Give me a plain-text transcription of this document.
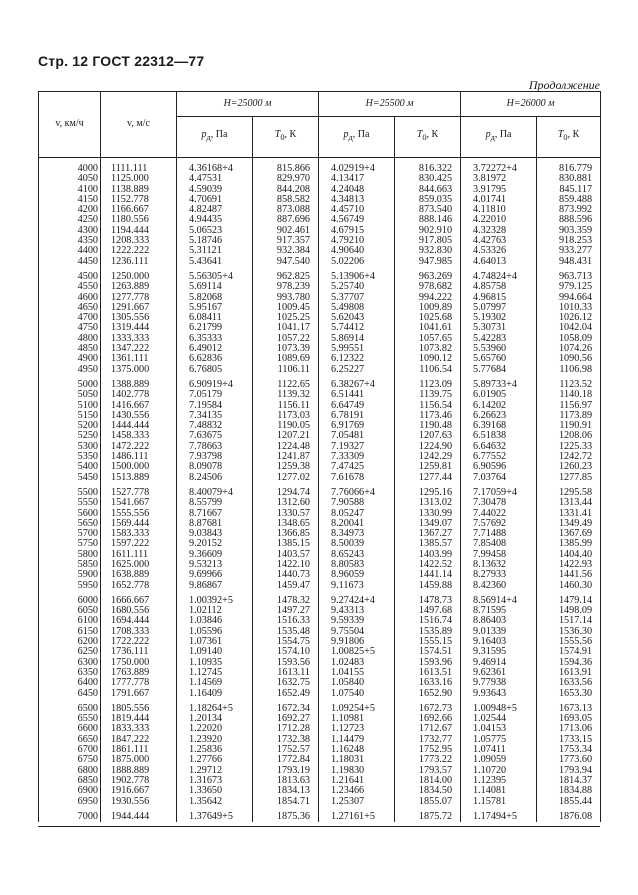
Стр. 12 ГОСТ 22312—77
Продолжение
v, км/ч	v, м/с	H=25000 м		H=25500 м		H=26000 м	
		$p_д$, Па	$T_0$, К	$p_д$, Па	$T_0$, К	$p_д$, Па	$T_0$, К
4000	1111.111	4.36168+4	815.866	4.02919+4	816.322	3.72272+4	816.779
4050	1125.000	4.47531	829.970	4.13417	830.425	3.81972	830.881
4100	1138.889	4.59039	844.208	4.24048	844.663	3.91795	845.117
4150	1152.778	4.70691	858.582	4.34813	859.035	4.01741	859.488
4200	1166.667	4.82487	873.088	4.45710	873.540	4.11810	873.992
4250	1180.556	4.94435	887.696	4.56749	888.146	4.22010	888.596
4300	1194.444	5.06523	902.461	4.67915	902.910	4.32328	903.359
4350	1208.333	5.18746	917.357	4.79210	917.805	4.42763	918.253
4400	1222.222	5.31121	932.384	4.90640	932.830	4.53326	933.277
4450	1236.111	5.43641	947.540	5.02206	947.985	4.64013	948.431

4500	1250.000	5.56305+4	962.825	5.13906+4	963.269	4.74824+4	963.713
4550	1263.889	5.69114	978.239	5.25740	978.682	4.85758	979.125
4600	1277.778	5.82068	993.780	5.37707	994.222	4.96815	994.664
4650	1291.667	5.95167	1009.45	5.49808	1009.89	5.07997	1010.33
4700	1305.556	6.08411	1025.25	5.62043	1025.68	5.19302	1026.12
4750	1319.444	6.21799	1041.17	5.74412	1041.61	5.30731	1042.04
4800	1333.333	6.35333	1057.22	5.86914	1057.65	5.42283	1058.09
4850	1347.222	6.49012	1073.39	5.99551	1073.82	5.53960	1074.26
4900	1361.111	6.62836	1089.69	6.12322	1090.12	5.65760	1090.56
4950	1375.000	6.76805	1106.11	6.25227	1106.54	5.77684	1106.98

5000	1388.889	6.90919+4	1122.65	6.38267+4	1123.09	5.89733+4	1123.52
5050	1402.778	7.05179	1139.32	6.51441	1139.75	6.01905	1140.18
5100	1416.667	7.19584	1156.11	6.64749	1156.54	6.14202	1156.97
5150	1430.556	7.34135	1173.03	6.78191	1173.46	6.26623	1173.89
5200	1444.444	7.48832	1190.05	6.91769	1190.48	6.39168	1190.91
5250	1458.333	7.63675	1207.21	7.05481	1207.63	6.51838	1208.06
5300	1472.222	7.78663	1224.48	7.19327	1224.90	6.64632	1225.33
5350	1486.111	7.93798	1241.87	7.33309	1242.29	6.77552	1242.72
5400	1500.000	8.09078	1259.38	7.47425	1259.81	6.90596	1260.23
5450	1513.889	8.24506	1277.02	7.61678	1277.44	7.03764	1277.85

5500	1527.778	8.40079+4	1294.74	7.76066+4	1295.16	7.17059+4	1295.58
5550	1541.667	8.55799	1312.60	7.90588	1313.02	7.30478	1313.44
5600	1555.556	8.71667	1330.57	8.05247	1330.99	7.44022	1331.41
5650	1569.444	8.87681	1348.65	8.20041	1349.07	7.57692	1349.49
5700	1583.333	9.03843	1366.85	8.34973	1367.27	7.71488	1367.69
5750	1597.222	9.20152	1385.15	8.50039	1385.57	7.85408	1385.99
5800	1611.111	9.36609	1403.57	8.65243	1403.99	7.99458	1404.40
5850	1625.000	9.53213	1422.10	8.80583	1422.52	8.13632	1422.93
5900	1638.889	9.69966	1440.73	8.96059	1441.14	8.27933	1441.56
5950	1652.778	9.86867	1459.47	9.11673	1459.88	8.42360	1460.30

6000	1666.667	1.00392+5	1478.32	9.27424+4	1478.73	8.56914+4	1479.14
6050	1680.556	1.02112	1497.27	9.43313	1497.68	8.71595	1498.09
6100	1694.444	1.03846	1516.33	9.59339	1516.74	8.86403	1517.14
6150	1708.333	1.05596	1535.48	9.75504	1535.89	9.01339	1536.30
6200	1722.222	1.07361	1554.75	9.91806	1555.15	9.16403	1555.56
6250	1736.111	1.09140	1574.10	1.00825+5	1574.51	9.31595	1574.91
6300	1750.000	1.10935	1593.56	1.02483	1593.96	9.46914	1594.36
6350	1763.889	1.12745	1613.11	1.04155	1613.51	9.62361	1613.91
6400	1777.778	1.14569	1632.75	1.05840	1633.16	9.77938	1633.56
6450	1791.667	1.16409	1652.49	1.07540	1652.90	9.93643	1653.30

6500	1805.556	1.18264+5	1672.34	1.09254+5	1672.73	1.00948+5	1673.13
6550	1819.444	1.20134	1692.27	1.10981	1692.66	1.02544	1693.05
6600	1833.333	1.22020	1712.28	1.12723	1712.67	1.04153	1713.06
6650	1847.222	1.23920	1732.38	1.14479	1732.77	1.05775	1733.15
6700	1861.111	1.25836	1752.57	1.16248	1752.95	1.07411	1753.34
6750	1875.000	1.27766	1772.84	1.18031	1773.22	1.09059	1773.60
6800	1888.889	1.29712	1793.19	1.19830	1793.57	1.10720	1793.94
6850	1902.778	1.31673	1813.63	1.21641	1814.00	1.12395	1814.37
6900	1916.667	1.33650	1834.13	1.23466	1834.50	1.14081	1834.88
6950	1930.556	1.35642	1854.71	1.25307	1855.07	1.15781	1855.44

7000	1944.444	1.37649+5	1875.36	1.27161+5	1875.72	1.17494+5	1876.08
